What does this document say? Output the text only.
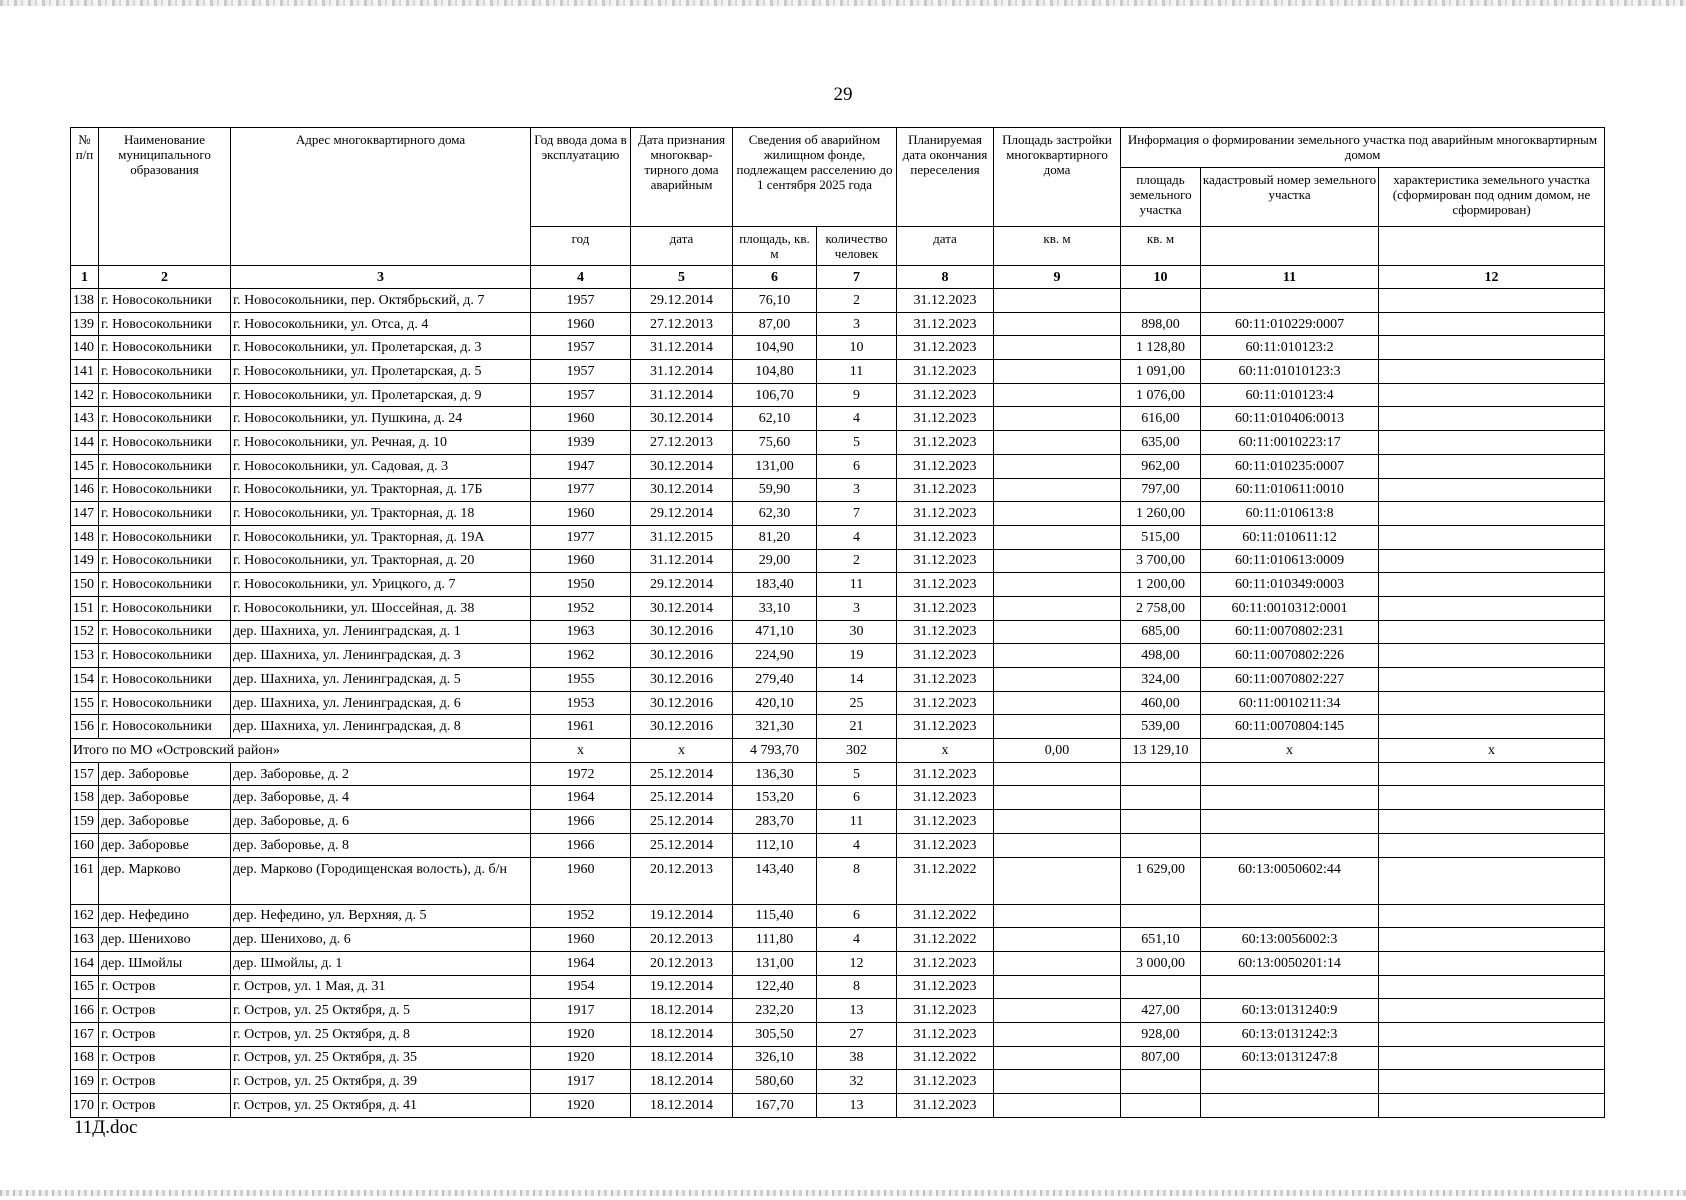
29
№ п/п	Наименование муниципального образования	Адрес многоквартирного дома	Год ввода дома в эксплуатацию	Дата признания многоквар-тирного дома аварийным	Сведения об аварийном жилищном фонде, подлежащем расселению до 1 сентября 2025 года		Планируемая дата окончания переселения	Площадь застройки многоквартирного дома	Информация о формировании земельного участка под аварийным многоквартирным домом		
									площадь земельного участка	кадастровый номер земельного участка	характеристика земельного участка (сформирован под одним домом, не сформирован)
			год	дата	площадь, кв. м	количество человек	дата	кв. м	кв. м		
1	2	3	4	5	6	7	8	9	10	11	12
138	г. Новосокольники	г. Новосокольники, пер. Октябрьский, д. 7	1957	29.12.2014	76,10	2	31.12.2023				
139	г. Новосокольники	г. Новосокольники, ул. Отса, д. 4	1960	27.12.2013	87,00	3	31.12.2023		898,00	60:11:010229:0007	
140	г. Новосокольники	г. Новосокольники, ул. Пролетарская, д. 3	1957	31.12.2014	104,90	10	31.12.2023		1 128,80	60:11:010123:2	
141	г. Новосокольники	г. Новосокольники, ул. Пролетарская, д. 5	1957	31.12.2014	104,80	11	31.12.2023		1 091,00	60:11:01010123:3	
142	г. Новосокольники	г. Новосокольники, ул. Пролетарская, д. 9	1957	31.12.2014	106,70	9	31.12.2023		1 076,00	60:11:010123:4	
143	г. Новосокольники	г. Новосокольники, ул. Пушкина, д. 24	1960	30.12.2014	62,10	4	31.12.2023		616,00	60:11:010406:0013	
144	г. Новосокольники	г. Новосокольники, ул. Речная, д. 10	1939	27.12.2013	75,60	5	31.12.2023		635,00	60:11:0010223:17	
145	г. Новосокольники	г. Новосокольники, ул. Садовая, д. 3	1947	30.12.2014	131,00	6	31.12.2023		962,00	60:11:010235:0007	
146	г. Новосокольники	г. Новосокольники, ул. Тракторная, д. 17Б	1977	30.12.2014	59,90	3	31.12.2023		797,00	60:11:010611:0010	
147	г. Новосокольники	г. Новосокольники, ул. Тракторная, д. 18	1960	29.12.2014	62,30	7	31.12.2023		1 260,00	60:11:010613:8	
148	г. Новосокольники	г. Новосокольники, ул. Тракторная, д. 19А	1977	31.12.2015	81,20	4	31.12.2023		515,00	60:11:010611:12	
149	г. Новосокольники	г. Новосокольники, ул. Тракторная, д. 20	1960	31.12.2014	29,00	2	31.12.2023		3 700,00	60:11:010613:0009	
150	г. Новосокольники	г. Новосокольники, ул. Урицкого, д. 7	1950	29.12.2014	183,40	11	31.12.2023		1 200,00	60:11:010349:0003	
151	г. Новосокольники	г. Новосокольники, ул. Шоссейная, д. 38	1952	30.12.2014	33,10	3	31.12.2023		2 758,00	60:11:0010312:0001	
152	г. Новосокольники	дер. Шахниха, ул. Ленинградская, д. 1	1963	30.12.2016	471,10	30	31.12.2023		685,00	60:11:0070802:231	
153	г. Новосокольники	дер. Шахниха, ул. Ленинградская, д. 3	1962	30.12.2016	224,90	19	31.12.2023		498,00	60:11:0070802:226	
154	г. Новосокольники	дер. Шахниха, ул. Ленинградская, д. 5	1955	30.12.2016	279,40	14	31.12.2023		324,00	60:11:0070802:227	
155	г. Новосокольники	дер. Шахниха, ул. Ленинградская, д. 6	1953	30.12.2016	420,10	25	31.12.2023		460,00	60:11:0010211:34	
156	г. Новосокольники	дер. Шахниха, ул. Ленинградская, д. 8	1961	30.12.2016	321,30	21	31.12.2023		539,00	60:11:0070804:145	
Итого по МО «Островский район»			x	x	4 793,70	302	x	0,00	13 129,10	x	x
157	дер. Заборовье	дер. Заборовье, д. 2	1972	25.12.2014	136,30	5	31.12.2023				
158	дер. Заборовье	дер. Заборовье, д. 4	1964	25.12.2014	153,20	6	31.12.2023				
159	дер. Заборовье	дер. Заборовье, д. 6	1966	25.12.2014	283,70	11	31.12.2023				
160	дер. Заборовье	дер. Заборовье, д. 8	1966	25.12.2014	112,10	4	31.12.2023				
161	дер. Марково	дер. Марково (Городищенская волость), д. б/н	1960	20.12.2013	143,40	8	31.12.2022		1 629,00	60:13:0050602:44	
162	дер. Нефедино	дер. Нефедино, ул. Верхняя, д. 5	1952	19.12.2014	115,40	6	31.12.2022				
163	дер. Шенихово	дер. Шенихово, д. 6	1960	20.12.2013	111,80	4	31.12.2022		651,10	60:13:0056002:3	
164	дер. Шмойлы	дер. Шмойлы, д. 1	1964	20.12.2013	131,00	12	31.12.2023		3 000,00	60:13:0050201:14	
165	г. Остров	г. Остров, ул. 1 Мая, д. 31	1954	19.12.2014	122,40	8	31.12.2023				
166	г. Остров	г. Остров, ул. 25 Октября, д. 5	1917	18.12.2014	232,20	13	31.12.2023		427,00	60:13:0131240:9	
167	г. Остров	г. Остров, ул. 25 Октября, д. 8	1920	18.12.2014	305,50	27	31.12.2023		928,00	60:13:0131242:3	
168	г. Остров	г. Остров, ул. 25 Октября, д. 35	1920	18.12.2014	326,10	38	31.12.2022		807,00	60:13:0131247:8	
169	г. Остров	г. Остров, ул. 25 Октября, д. 39	1917	18.12.2014	580,60	32	31.12.2023				
170	г. Остров	г. Остров, ул. 25 Октября, д. 41	1920	18.12.2014	167,70	13	31.12.2023				
11Д.doc
